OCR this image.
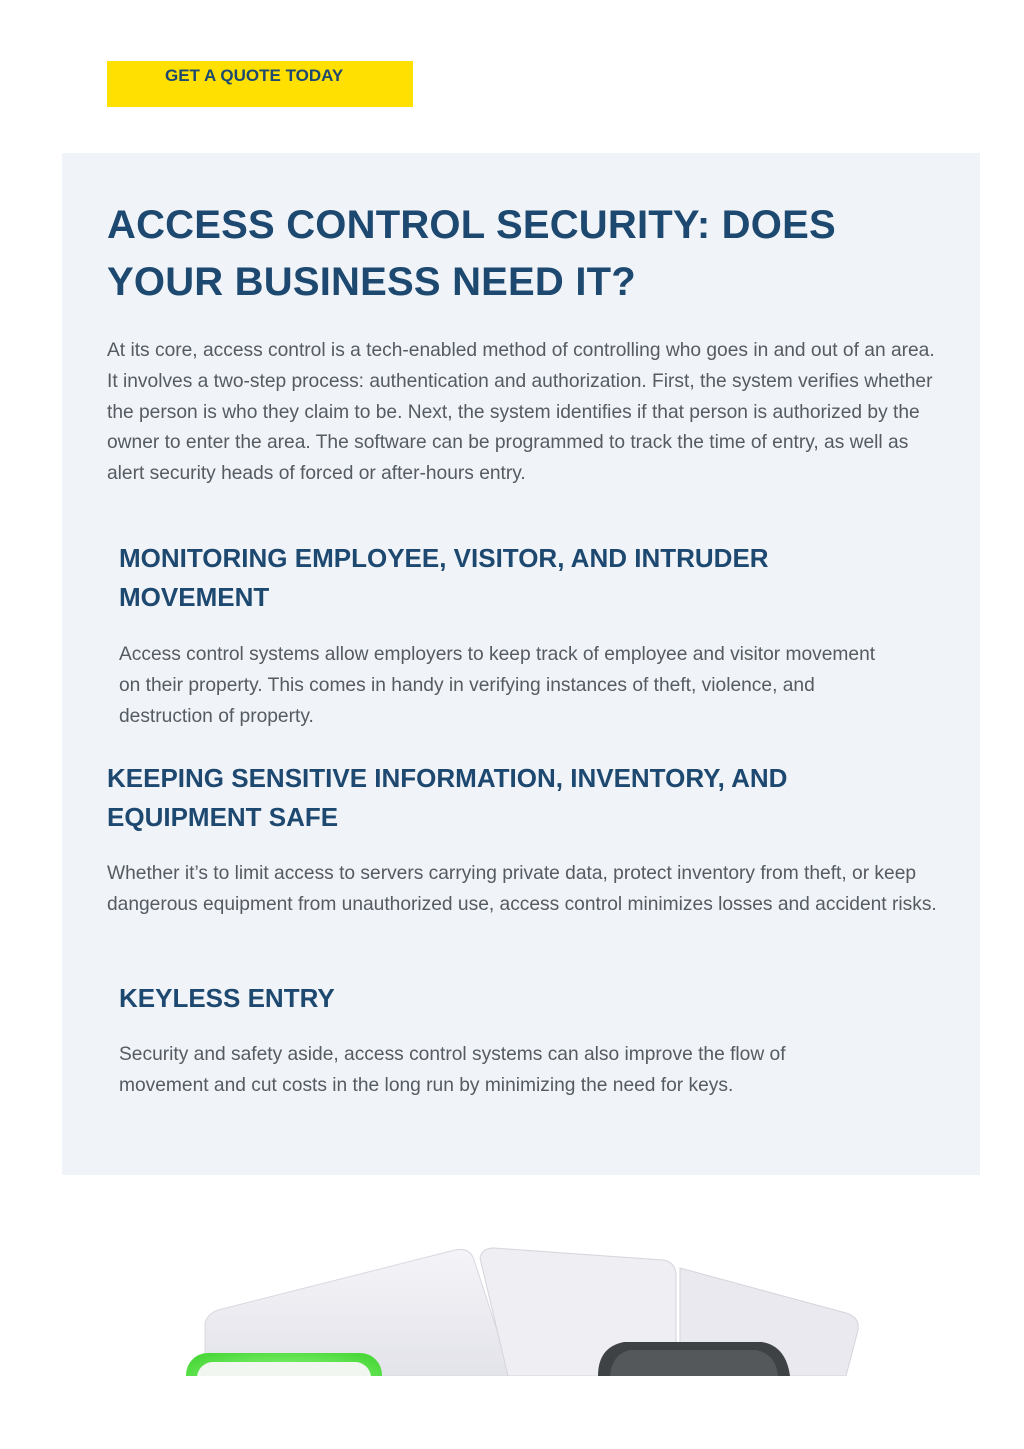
GET A QUOTE TODAY
ACCESS CONTROL SECURITY: DOES YOUR BUSINESS NEED IT?

At its core, access control is a tech-enabled method of controlling who goes in and out of an area. It involves a two-step process: authentication and authorization. First, the system verifies whether the person is who they claim to be. Next, the system identifies if that person is authorized by the owner to enter the area. The software can be programmed to track the time of entry, as well as alert security heads of forced or after-hours entry.

MONITORING EMPLOYEE, VISITOR, AND INTRUDER MOVEMENT

Access control systems allow employers to keep track of employee and visitor movement on their property. This comes in handy in verifying instances of theft, violence, and destruction of property.

KEEPING SENSITIVE INFORMATION, INVENTORY, AND EQUIPMENT SAFE

Whether it’s to limit access to servers carrying private data, protect inventory from theft, or keep dangerous equipment from unauthorized use, access control minimizes losses and accident risks.

KEYLESS ENTRY

Security and safety aside, access control systems can also improve the flow of movement and cut costs in the long run by minimizing the need for keys.
